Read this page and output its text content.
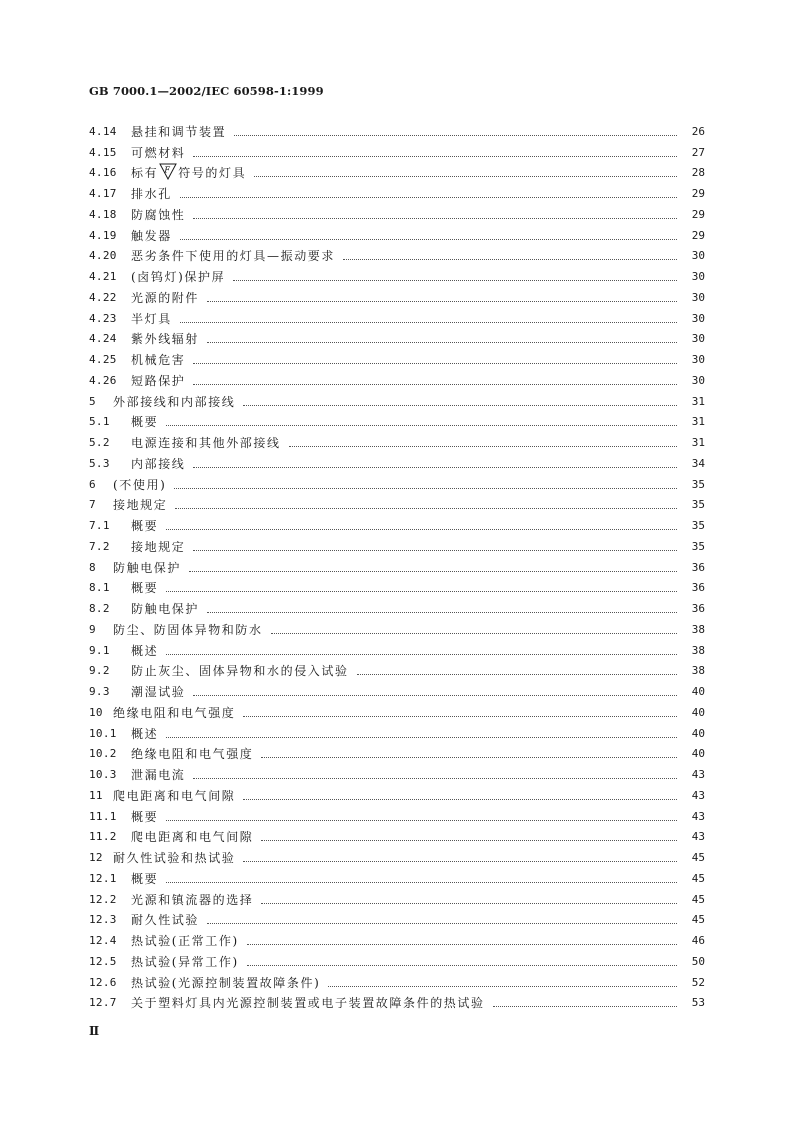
GB 7000.1—2002/IEC 60598-1:1999
4.14	悬挂和调节装置	26
4.15	可燃材料	27
4.16	标有 F 符号的灯具	28
4.17	排水孔	29
4.18	防腐蚀性	29
4.19	触发器	29
4.20	恶劣条件下使用的灯具—振动要求	30
4.21	(卤钨灯)保护屏	30
4.22	光源的附件	30
4.23	半灯具	30
4.24	紫外线辐射	30
4.25	机械危害	30
4.26	短路保护	30
5	外部接线和内部接线	31
5.1	概要	31
5.2	电源连接和其他外部接线	31
5.3	内部接线	34
6	(不使用)	35
7	接地规定	35
7.1	概要	35
7.2	接地规定	35
8	防触电保护	36
8.1	概要	36
8.2	防触电保护	36
9	防尘、防固体异物和防水	38
9.1	概述	38
9.2	防止灰尘、固体异物和水的侵入试验	38
9.3	潮湿试验	40
10 绝缘电阻和电气强度	40
10.1	概述	40
10.2	绝缘电阻和电气强度	40
10.3	泄漏电流	43
11 爬电距离和电气间隙	43
11.1	概要	43
11.2	爬电距离和电气间隙	43
12 耐久性试验和热试验	45
12.1	概要	45
12.2	光源和镇流器的选择	45
12.3	耐久性试验	45
12.4	热试验(正常工作)	46
12.5	热试验(异常工作)	50
12.6	热试验(光源控制装置故障条件)	52
12.7	关于塑料灯具内光源控制装置或电子装置故障条件的热试验	53
Ⅱ
